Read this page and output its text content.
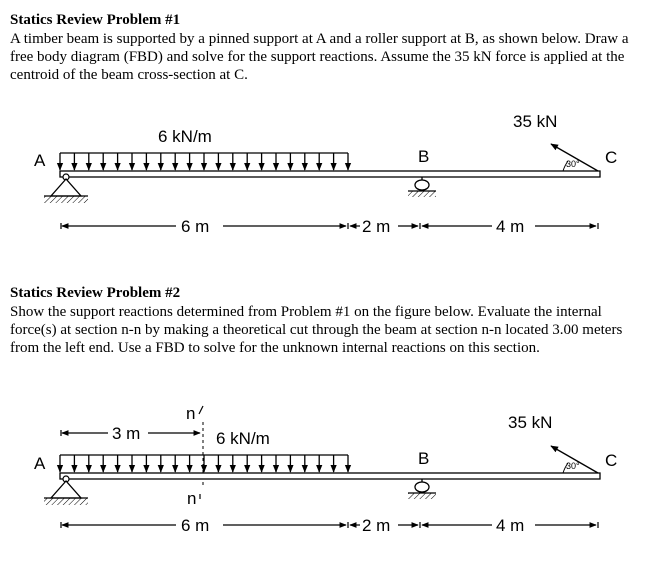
Statics Review Problem #1

A timber beam is supported by a pinned support at A and a roller support at B, as shown below. Draw a free body diagram (FBD) and solve for the support reactions. Assume the 35 kN force is applied at the centroid of the beam cross-section at C.

6 kN/m
A	B	C
35 kN
30°
6 m	2 m	4 m
Statics Review Problem #2

Show the support reactions determined from Problem #1 on the figure below. Evaluate the internal force(s) at section n-n by making a theoretical cut through the beam at section n-n located 3.00 meters from the left end. Use a FBD to solve for the unknown internal reactions on this section.

n
n
3 m	6 kN/m
A	B	C
35 kN
30°
6 m	2 m	4 m
